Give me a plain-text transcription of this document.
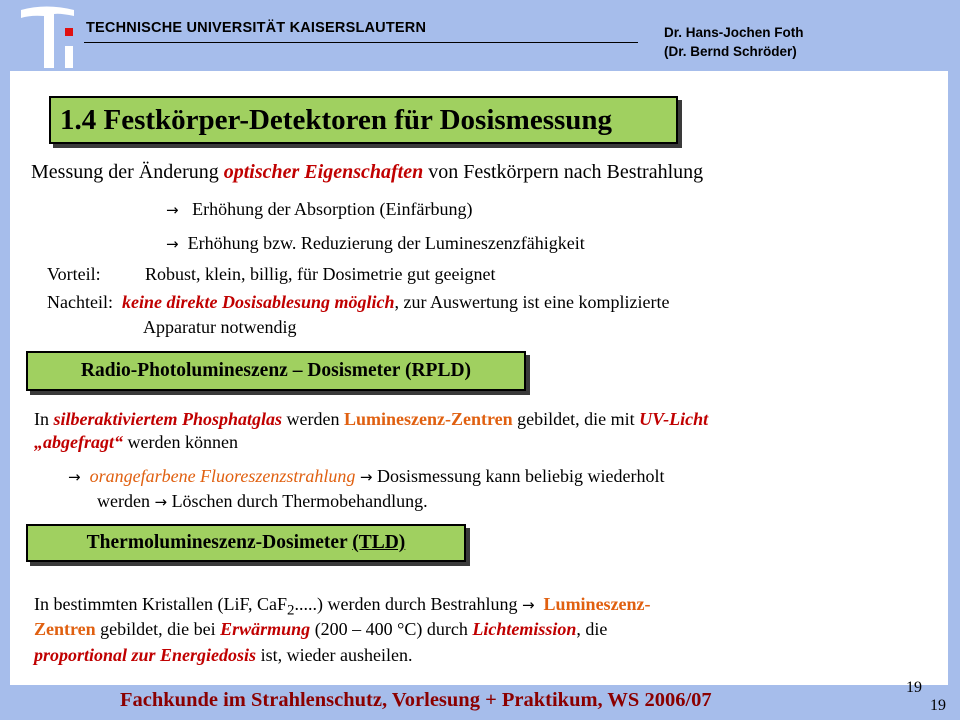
TECHNISCHE UNIVERSITÄT KAISERSLAUTERN	Dr. Hans-Jochen Foth
(Dr. Bernd Schröder)
1.4 Festkörper-Detektoren für Dosismessung
Messung der Änderung optischer Eigenschaften von Festkörpern nach Bestrahlung
→ Erhöhung der Absorption (Einfärbung)
→ Erhöhung bzw. Reduzierung der Lumineszenzfähigkeit
Vorteil: Robust, klein, billig, für Dosimetrie gut geeignet
Nachteil: keine direkte Dosisablesung möglich, zur Auswertung ist eine komplizierte
Apparatur notwendig
Radio-Photolumineszenz – Dosismeter (RPLD)
In silberaktiviertem Phosphatglas werden Lumineszenz-Zentren gebildet, die mit UV-Licht
„abgefragt“ werden können
→ orangefarbene Fluoreszenzstrahlung → Dosismessung kann beliebig wiederholt
werden → Löschen durch Thermobehandlung.
Thermolumineszenz-Dosimeter (TLD)
In bestimmten Kristallen (LiF, CaF$_2$.....) werden durch Bestrahlung → Lumineszenz-
Zentren gebildet, die bei Erwärmung (200 – 400 °C) durch Lichtemission, die
proportional zur Energiedosis ist, wieder ausheilen.
19
Fachkunde im Strahlenschutz, Vorlesung + Praktikum, WS 2006/07	19
